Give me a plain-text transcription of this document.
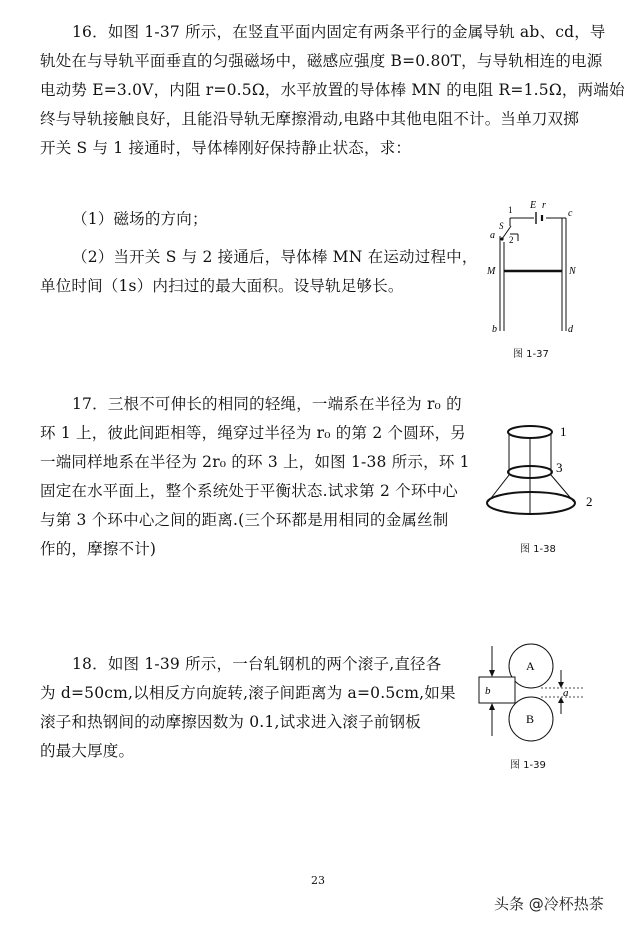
16．如图 1-37 所示，在竖直平面内固定有两条平行的金属导轨 ab、cd，导
轨处在与导轨平面垂直的匀强磁场中，磁感应强度 B=0.80T，与导轨相连的电源
电动势 E=3.0V，内阻 r=0.5Ω，水平放置的导体棒 MN 的电阻 R=1.5Ω，两端始
终与导轨接触良好，且能沿导轨无摩擦滑动,电路中其他电阻不计。当单刀双掷
开关 S 与 1 接通时，导体棒刚好保持静止状态，求：
（1）磁场的方向；
（2）当开关 S 与 2 接通后，导体棒 MN 在运动过程中，
单位时间（1s）内扫过的最大面积。设导轨足够长。
E r
1
S
2
a
c
M	N
b	d
图 1-37
17．三根不可伸长的相同的轻绳，一端系在半径为 r₀ 的
环 1 上，彼此间距相等，绳穿过半径为 r₀ 的第 2 个圆环，另
一端同样地系在半径为 2r₀ 的环 3 上，如图 1-38 所示，环 1
固定在水平面上，整个系统处于平衡状态.试求第 2 个环中心
与第 3 个环中心之间的距离.(三个环都是用相同的金属丝制
作的，摩擦不计)
1
3
2
图 1-38
18．如图 1-39 所示，一台轧钢机的两个滚子,直径各
为 d=50cm,以相反方向旋转,滚子间距离为 a=0.5cm,如果
滚子和热钢间的动摩擦因数为 0.1,试求进入滚子前钢板
的最大厚度。
A
B
b	a
图 1-39
23
头条 @冷杯热茶
